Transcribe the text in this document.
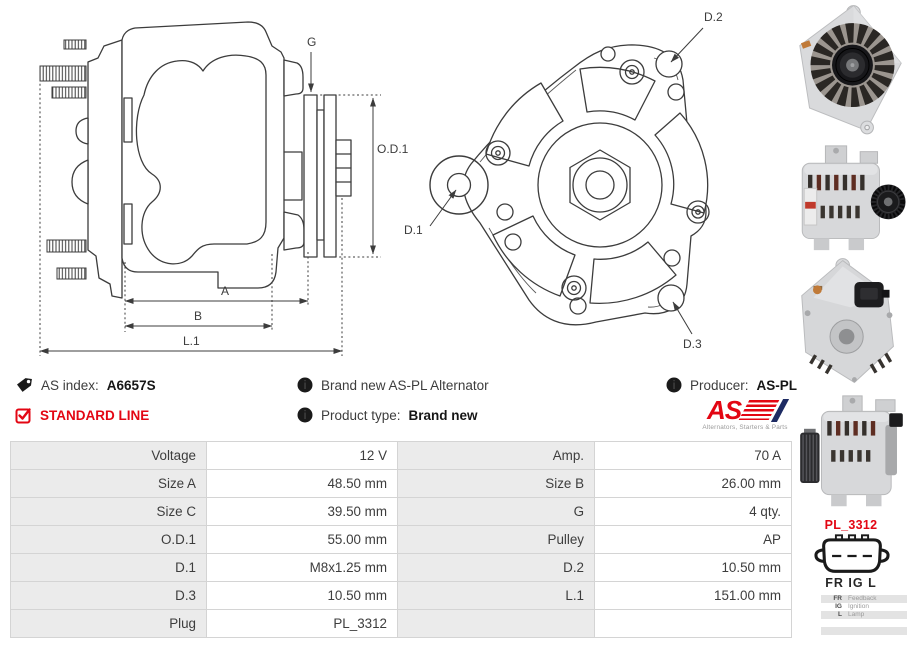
G
O.D.1
A
B
L.1
D.2
D.1
D.3
AS index: A6657S	i Brand new AS-PL Alternator	i Producer: AS-PL
STANDARD LINE	i Product type: Brand new	AS
Alternators, Starters & Parts
Voltage	12 V	Amp.	70 A
Size A	48.50 mm	Size B	26.00 mm
Size C	39.50 mm	G	4 qty.
O.D.1	55.00 mm	Pulley	AP
D.1	M8x1.25 mm	D.2	10.50 mm
D.3	10.50 mm	L.1	151.00 mm
Plug	PL_3312		
PL_3312
FR IG L
FR	Feedback
IG	Ignition
L	Lamp
